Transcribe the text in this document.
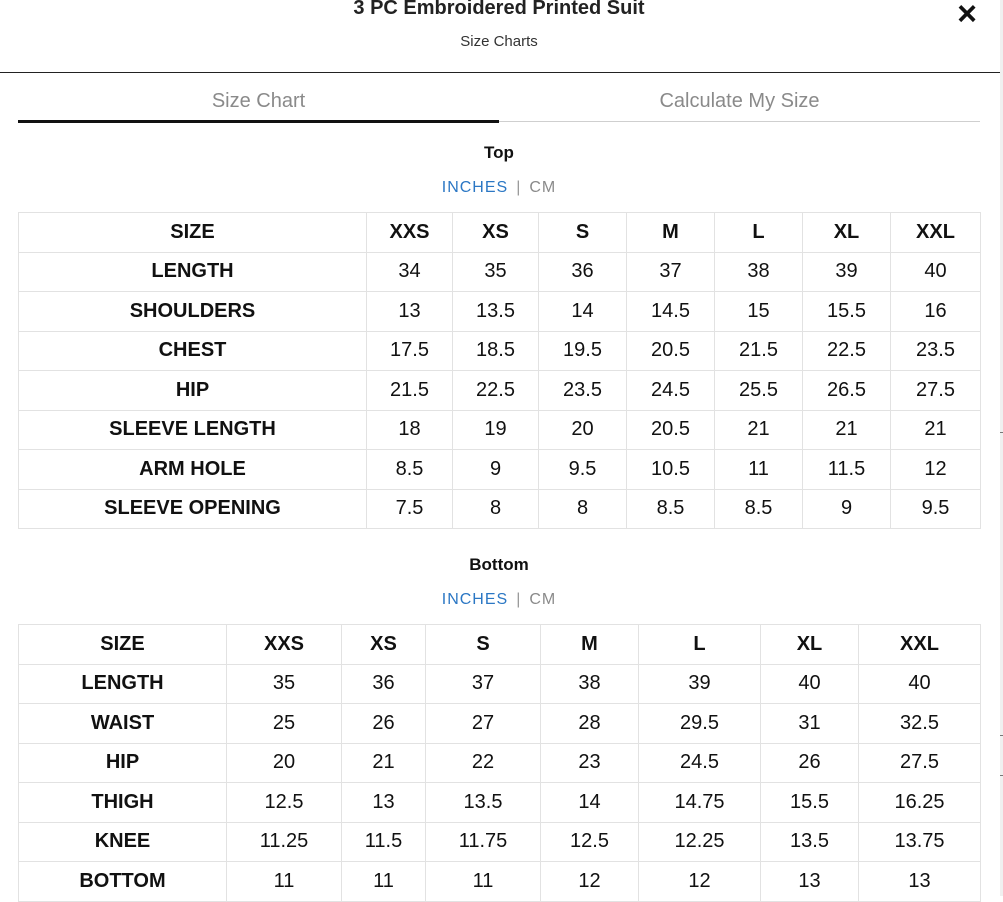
3 PC Embroidered Printed Suit
Size Charts
×
Size Chart	Calculate My Size
Top
INCHES | CM
SIZE	XXS	XS	S	M	L	XL	XXL
LENGTH	34	35	36	37	38	39	40
SHOULDERS	13	13.5	14	14.5	15	15.5	16
CHEST	17.5	18.5	19.5	20.5	21.5	22.5	23.5
HIP	21.5	22.5	23.5	24.5	25.5	26.5	27.5
SLEEVE LENGTH	18	19	20	20.5	21	21	21
ARM HOLE	8.5	9	9.5	10.5	11	11.5	12
SLEEVE OPENING	7.5	8	8	8.5	8.5	9	9.5
Bottom
INCHES | CM
SIZE	XXS	XS	S	M	L	XL	XXL
LENGTH	35	36	37	38	39	40	40
WAIST	25	26	27	28	29.5	31	32.5
HIP	20	21	22	23	24.5	26	27.5
THIGH	12.5	13	13.5	14	14.75	15.5	16.25
KNEE	11.25	11.5	11.75	12.5	12.25	13.5	13.75
BOTTOM	11	11	11	12	12	13	13
